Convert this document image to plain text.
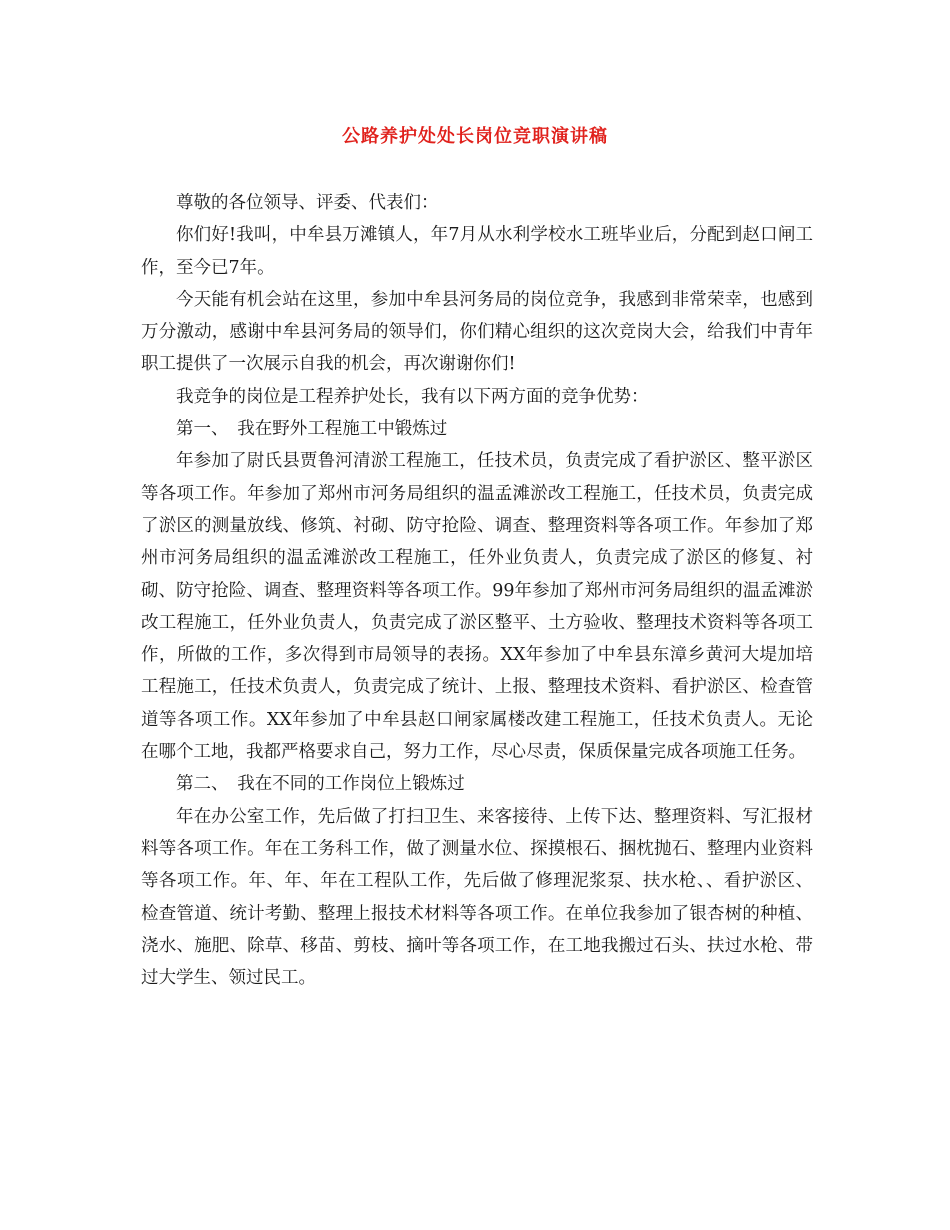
公路养护处处长岗位竞职演讲稿

尊敬的各位领导、评委、代表们：

你们好!我叫，中牟县万滩镇人，年7月从水利学校水工班毕业后，分配到赵口闸工作，至今已7年。

今天能有机会站在这里，参加中牟县河务局的岗位竞争，我感到非常荣幸，也感到万分激动，感谢中牟县河务局的领导们，你们精心组织的这次竞岗大会，给我们中青年职工提供了一次展示自我的机会，再次谢谢你们!

我竞争的岗位是工程养护处长，我有以下两方面的竞争优势：

第一、　我在野外工程施工中锻炼过

年参加了尉氏县贾鲁河清淤工程施工，任技术员，负责完成了看护淤区、整平淤区等各项工作。年参加了郑州市河务局组织的温孟滩淤改工程施工，任技术员，负责完成了淤区的测量放线、修筑、衬砌、防守抢险、调查、整理资料等各项工作。年参加了郑州市河务局组织的温孟滩淤改工程施工，任外业负责人，负责完成了淤区的修复、衬砌、防守抢险、调查、整理资料等各项工作。99年参加了郑州市河务局组织的温孟滩淤改工程施工，任外业负责人，负责完成了淤区整平、土方验收、整理技术资料等各项工作，所做的工作，多次得到市局领导的表扬。XX年参加了中牟县东漳乡黄河大堤加培工程施工，任技术负责人，负责完成了统计、上报、整理技术资料、看护淤区、检查管道等各项工作。XX年参加了中牟县赵口闸家属楼改建工程施工，任技术负责人。无论在哪个工地，我都严格要求自己，努力工作，尽心尽责，保质保量完成各项施工任务。

第二、　我在不同的工作岗位上锻炼过

年在办公室工作，先后做了打扫卫生、来客接待、上传下达、整理资料、写汇报材料等各项工作。年在工务科工作，做了测量水位、探摸根石、捆枕抛石、整理内业资料等各项工作。年、年、年在工程队工作，先后做了修理泥浆泵、扶水枪、、看护淤区、检查管道、统计考勤、整理上报技术材料等各项工作。在单位我参加了银杏树的种植、浇水、施肥、除草、移苗、剪枝、摘叶等各项工作，在工地我搬过石头、扶过水枪、带过大学生、领过民工。
